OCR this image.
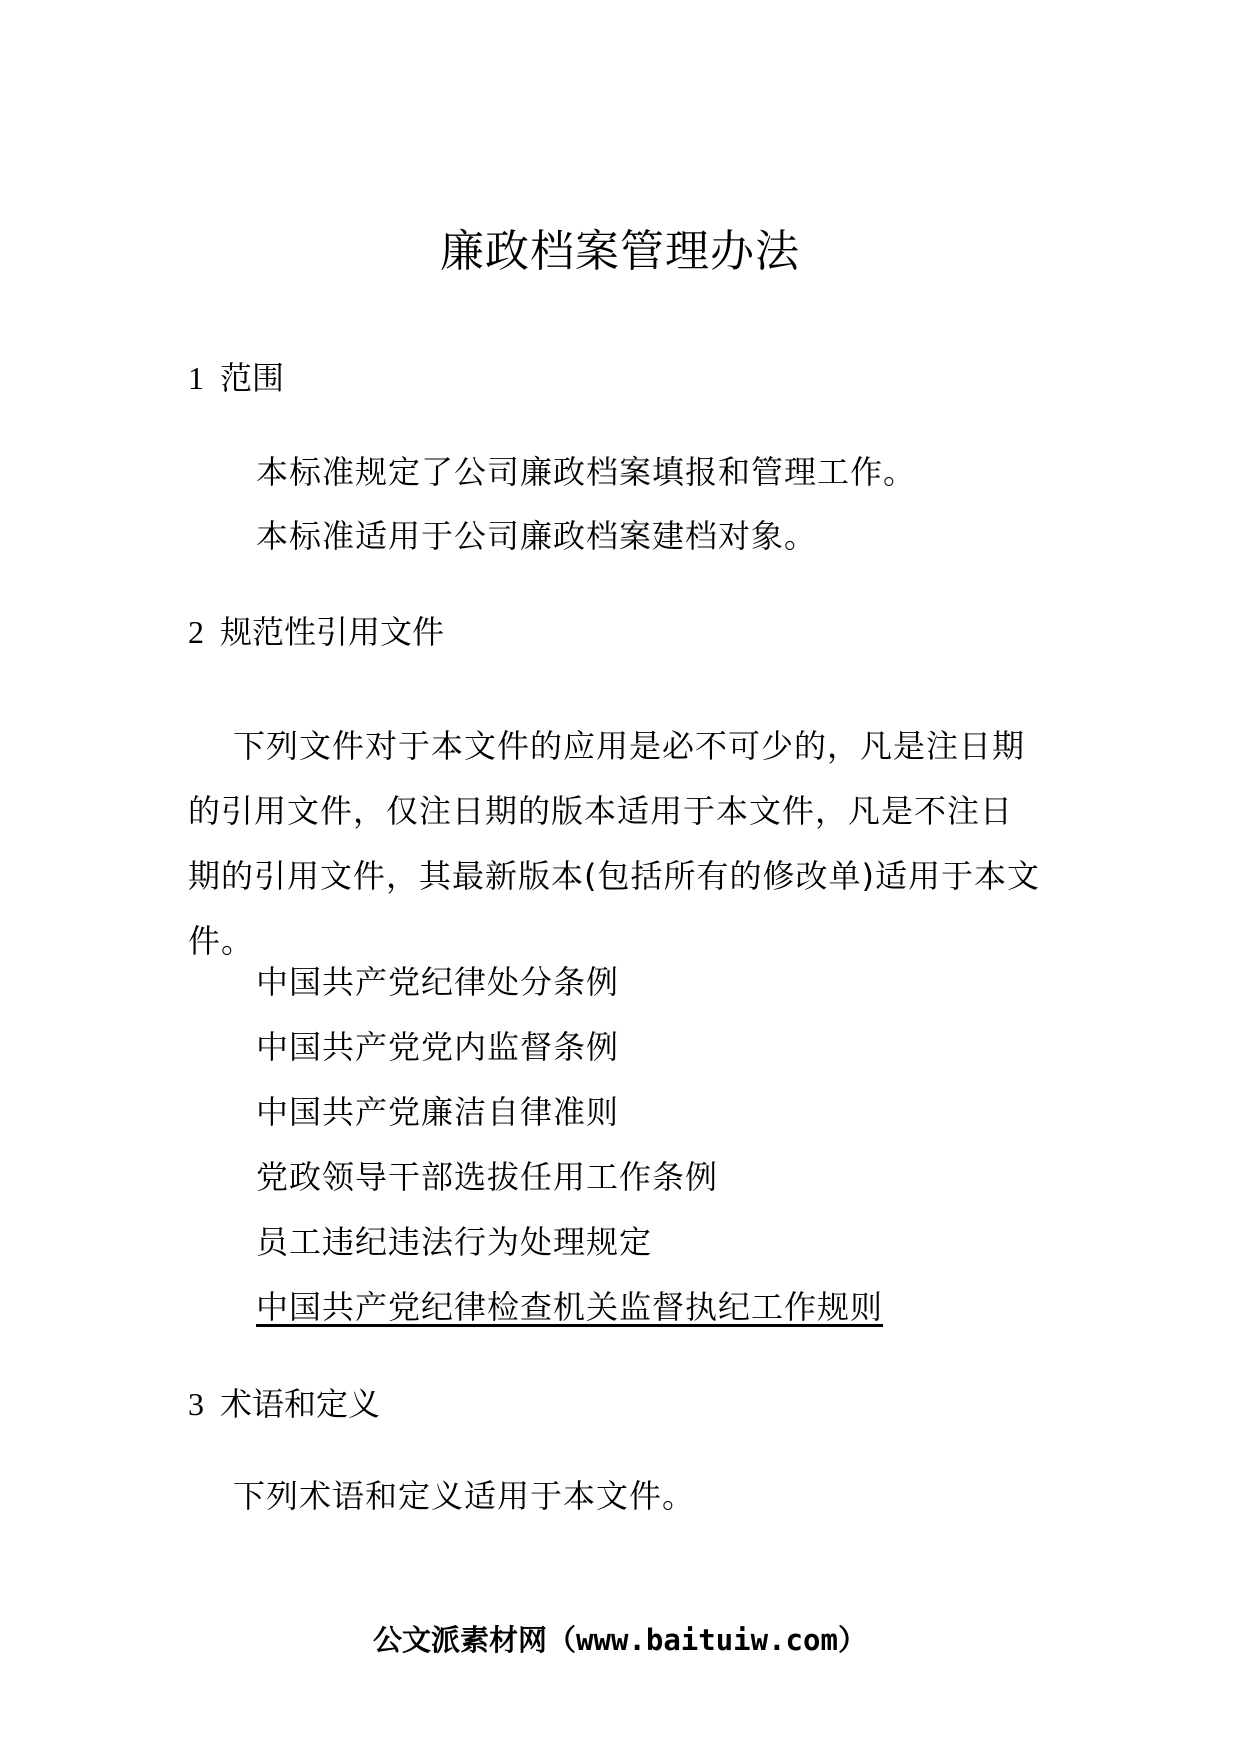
廉政档案管理办法
1 范围
本标准规定了公司廉政档案填报和管理工作。
本标准适用于公司廉政档案建档对象。
2 规范性引用文件
下列文件对于本文件的应用是必不可少的，凡是注日期
的引用文件，仅注日期的版本适用于本文件，凡是不注日
期的引用文件，其最新版本(包括所有的修改单)适用于本文
件。
中国共产党纪律处分条例
中国共产党党内监督条例
中国共产党廉洁自律准则
党政领导干部选拔任用工作条例
员工违纪违法行为处理规定
中国共产党纪律检查机关监督执纪工作规则
3 术语和定义
下列术语和定义适用于本文件。
公文派素材网（www.baituiw.com）
